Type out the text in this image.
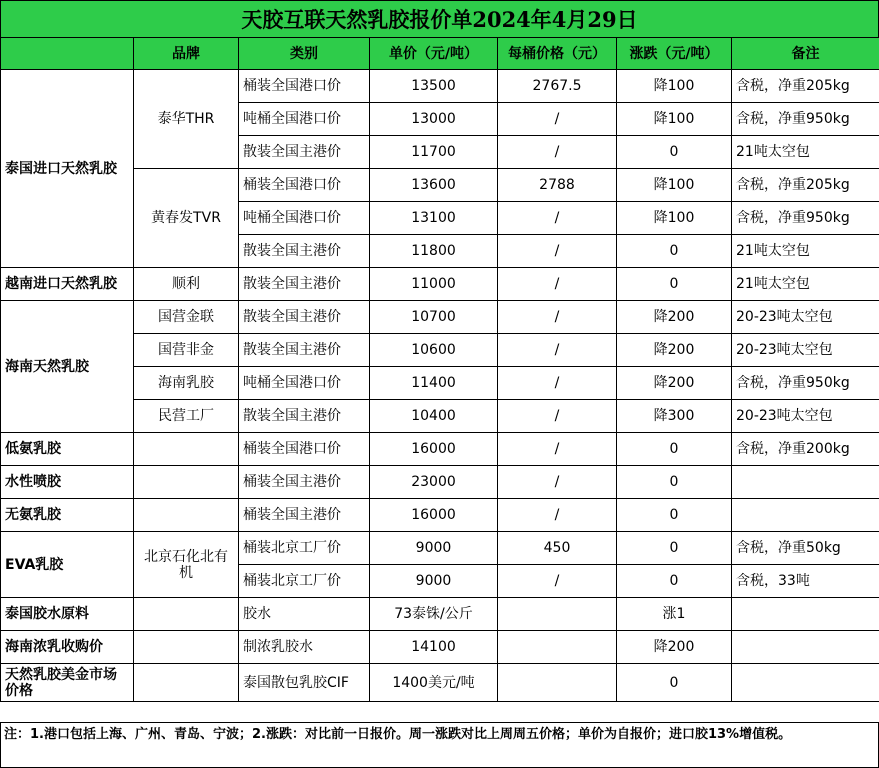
天胶互联天然乳胶报价单2024年4月29日
	品牌	类别	单价（元/吨）	每桶价格（元）	涨跌（元/吨）	备注
泰国进口天然乳胶	泰华THR	桶装全国港口价	13500	2767.5	降100	含税，净重205kg
		吨桶全国港口价	13000	/	降100	含税，净重950kg
		散装全国主港价	11700	/	0	21吨太空包
	黄春发TVR	桶装全国港口价	13600	2788	降100	含税，净重205kg
		吨桶全国港口价	13100	/	降100	含税，净重950kg
		散装全国主港价	11800	/	0	21吨太空包
越南进口天然乳胶	顺利	散装全国主港价	11000	/	0	21吨太空包
海南天然乳胶	国营金联	散装全国主港价	10700	/	降200	20-23吨太空包
	国营非金	散装全国主港价	10600	/	降200	20-23吨太空包
	海南乳胶	吨桶全国港口价	11400	/	降200	含税，净重950kg
	民营工厂	散装全国主港价	10400	/	降300	20-23吨太空包
低氨乳胶		桶装全国港口价	16000	/	0	含税，净重200kg
水性喷胶		桶装全国主港价	23000	/	0	
无氨乳胶		桶装全国主港价	16000	/	0	
EVA乳胶	北京石化北有机	桶装北京工厂价	9000	450	0	含税，净重50kg
		桶装北京工厂价	9000	/	0	含税，33吨
泰国胶水原料		胶水	73泰铢/公斤		涨1	
海南浓乳收购价		制浓乳胶水	14100		降200	
天然乳胶美金市场价格		泰国散包乳胶CIF	1400美元/吨		0	
注：1.港口包括上海、广州、青岛、宁波；2.涨跌：对比前一日报价。周一涨跌对比上周周五价格；单价为自报价；进口胶13%增值税。
